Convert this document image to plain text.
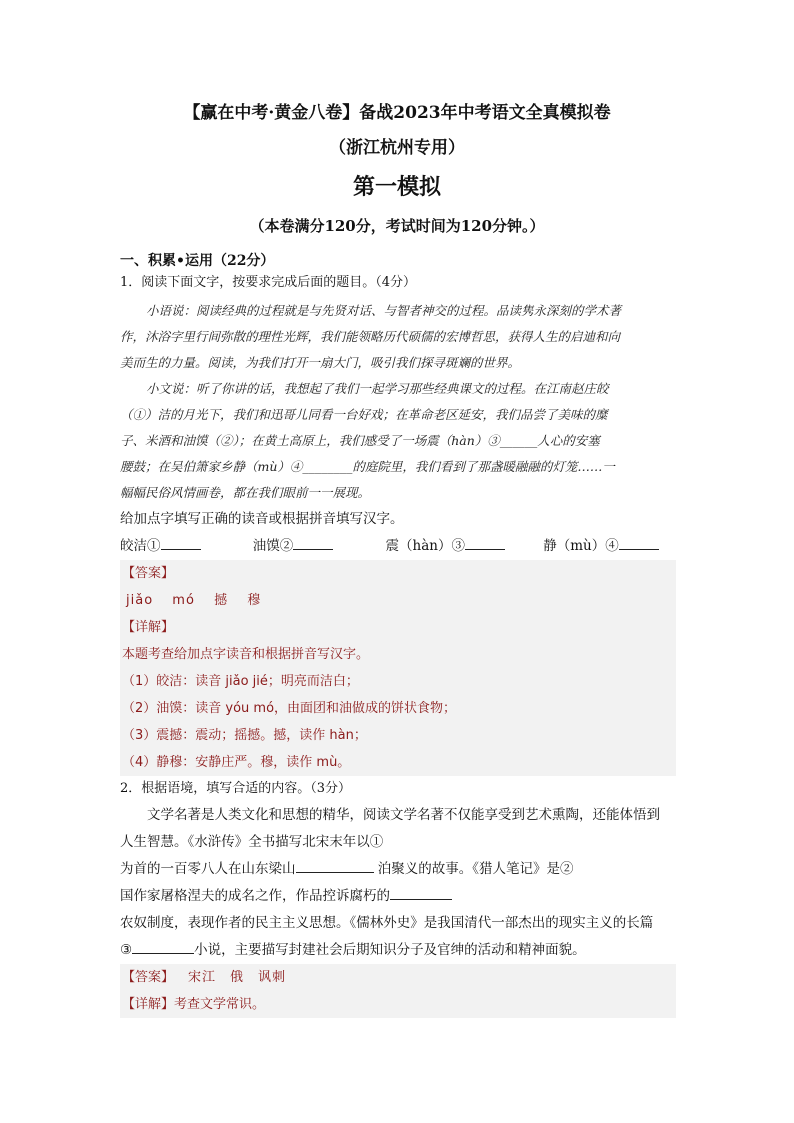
【赢在中考·黄金八卷】备战2023年中考语文全真模拟卷
（浙江杭州专用）
第一模拟
（本卷满分120分，考试时间为120分钟。）

一、积累•运用（22分）

1．阅读下面文字，按要求完成后面的题目。（4分）

小语说：阅读经典的过程就是与先贤对话、与智者神交的过程。品读隽永深刻的学术著

作，沐浴字里行间弥散的理性光辉，我们能领略历代硕儒的宏博哲思，获得人生的启迪和向

美而生的力量。阅读，为我们打开一扇大门，吸引我们探寻斑斓的世界。

小文说：听了你讲的话，我想起了我们一起学习那些经典课文的过程。在江南赵庄皎

（①）洁的月光下，我们和迅哥儿同看一台好戏；在革命老区延安，我们品尝了美味的糜

子、米酒和油馍（②）；在黄土高原上，我们感受了一场震（hàn）③______人心的安塞

腰鼓；在吴伯箫家乡静（mù）④________的庭院里，我们看到了那盏暖融融的灯笼……一

幅幅民俗风情画卷，都在我们眼前一一展现。

给加点字填写正确的读音或根据拼音填写汉字。

皎洁①	油馍②	震（hàn）③	静（mù）④

【答案】

jiǎo mó 撼 穆

【详解】

本题考查给加点字读音和根据拼音写汉字。

（1）皎洁：读音 jiǎo jié；明亮而洁白；

（2）油馍：读音 yóu mó，由面团和油做成的饼状食物；

（3）震撼：震动；摇撼。撼，读作 hàn；

（4）静穆：安静庄严。穆，读作 mù。

2．根据语境，填写合适的内容。（3分）

文学名著是人类文化和思想的精华，阅读文学名著不仅能享受到艺术熏陶，还能体悟到

人生智慧。《水浒传》全书描写北宋末年以①

为首的一百零八人在山东梁山	泊聚义的故事。《猎人笔记》是②

国作家屠格涅夫的成名之作，作品控诉腐朽的

农奴制度，表现作者的民主主义思想。《儒林外史》是我国清代一部杰出的现实主义的长篇

③	小说，主要描写封建社会后期知识分子及官绅的活动和精神面貌。

【答案】 宋江 俄 讽刺

【详解】考查文学常识。
